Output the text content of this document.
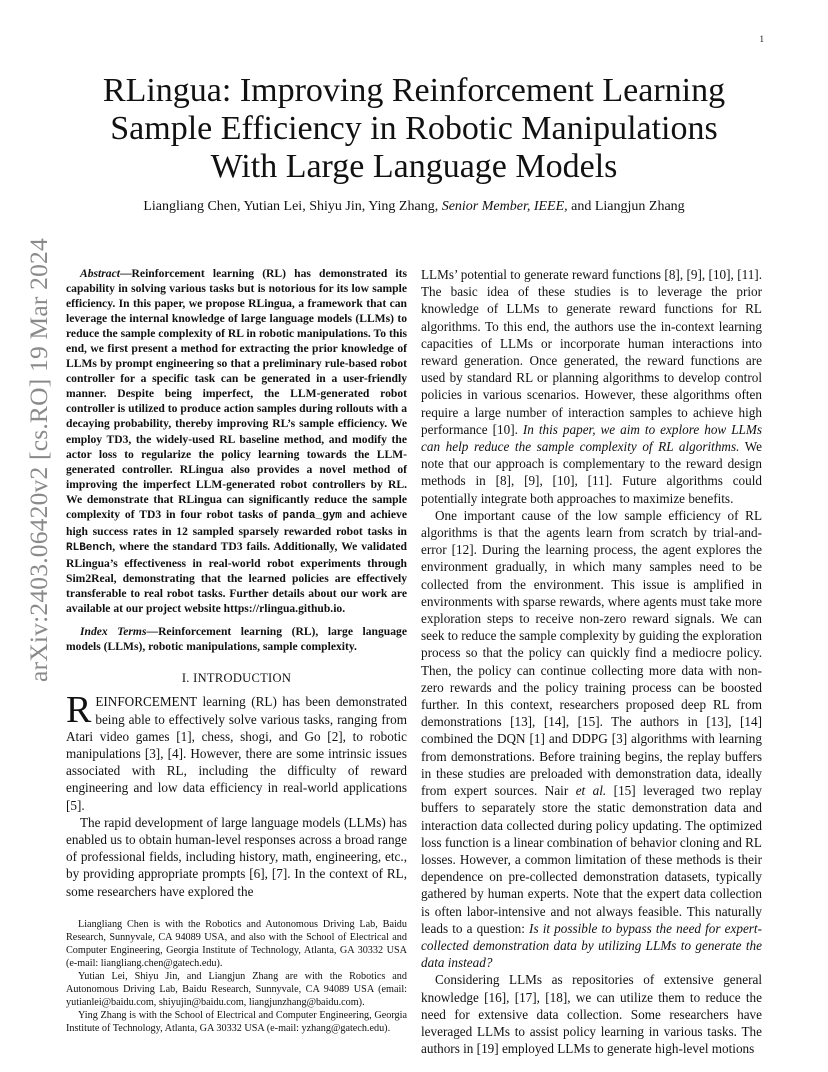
1
arXiv:2403.06420v2 [cs.RO] 19 Mar 2024
RLingua: Improving Reinforcement Learning Sample Efficiency in Robotic Manipulations With Large Language Models
Liangliang Chen, Yutian Lei, Shiyu Jin, Ying Zhang, Senior Member, IEEE, and Liangjun Zhang

Abstract—Reinforcement learning (RL) has demonstrated its capability in solving various tasks but is notorious for its low sample efficiency. In this paper, we propose RLingua, a framework that can leverage the internal knowledge of large language models (LLMs) to reduce the sample complexity of RL in robotic manipulations. To this end, we first present a method for extracting the prior knowledge of LLMs by prompt engineering so that a preliminary rule-based robot controller for a specific task can be generated in a user-friendly manner. Despite being imperfect, the LLM-generated robot controller is utilized to produce action samples during rollouts with a decaying probability, thereby improving RL’s sample efficiency. We employ TD3, the widely-used RL baseline method, and modify the actor loss to regularize the policy learning towards the LLM-generated controller. RLingua also provides a novel method of improving the imperfect LLM-generated robot controllers by RL. We demonstrate that RLingua can significantly reduce the sample complexity of TD3 in four robot tasks of panda_gym and achieve high success rates in 12 sampled sparsely rewarded robot tasks in RLBench, where the standard TD3 fails. Additionally, We validated RLingua’s effectiveness in real-world robot experiments through Sim2Real, demonstrating that the learned policies are effectively transferable to real robot tasks. Further details about our work are available at our project website https://rlingua.github.io.

Index Terms—Reinforcement learning (RL), large language models (LLMs), robotic manipulations, sample complexity.

I. INTRODUCTION

REINFORCEMENT learning (RL) has been demonstrated being able to effectively solve various tasks, ranging from Atari video games [1], chess, shogi, and Go [2], to robotic manipulations [3], [4]. However, there are some intrinsic issues associated with RL, including the difficulty of reward engineering and low data efficiency in real-world applications [5].

The rapid development of large language models (LLMs) has enabled us to obtain human-level responses across a broad range of professional fields, including history, math, engineering, etc., by providing appropriate prompts [6], [7]. In the context of RL, some researchers have explored the

Liangliang Chen is with the Robotics and Autonomous Driving Lab, Baidu Research, Sunnyvale, CA 94089 USA, and also with the School of Electrical and Computer Engineering, Georgia Institute of Technology, Atlanta, GA 30332 USA (e-mail: liangliang.chen@gatech.edu).

Yutian Lei, Shiyu Jin, and Liangjun Zhang are with the Robotics and Autonomous Driving Lab, Baidu Research, Sunnyvale, CA 94089 USA (email: yutianlei@baidu.com, shiyujin@baidu.com, liangjunzhang@baidu.com).

Ying Zhang is with the School of Electrical and Computer Engineering, Georgia Institute of Technology, Atlanta, GA 30332 USA (e-mail: yzhang@gatech.edu).

LLMs’ potential to generate reward functions [8], [9], [10], [11]. The basic idea of these studies is to leverage the prior knowledge of LLMs to generate reward functions for RL algorithms. To this end, the authors use the in-context learning capacities of LLMs or incorporate human interactions into reward generation. Once generated, the reward functions are used by standard RL or planning algorithms to develop control policies in various scenarios. However, these algorithms often require a large number of interaction samples to achieve high performance [10]. In this paper, we aim to explore how LLMs can help reduce the sample complexity of RL algorithms. We note that our approach is complementary to the reward design methods in [8], [9], [10], [11]. Future algorithms could potentially integrate both approaches to maximize benefits.

One important cause of the low sample efficiency of RL algorithms is that the agents learn from scratch by trial-and-error [12]. During the learning process, the agent explores the environment gradually, in which many samples need to be collected from the environment. This issue is amplified in environments with sparse rewards, where agents must take more exploration steps to receive non-zero reward signals. We can seek to reduce the sample complexity by guiding the exploration process so that the policy can quickly find a mediocre policy. Then, the policy can continue collecting more data with non-zero rewards and the policy training process can be boosted further. In this context, researchers proposed deep RL from demonstrations [13], [14], [15]. The authors in [13], [14] combined the DQN [1] and DDPG [3] algorithms with learning from demonstrations. Before training begins, the replay buffers in these studies are preloaded with demonstration data, ideally from expert sources. Nair et al. [15] leveraged two replay buffers to separately store the static demonstration data and interaction data collected during policy updating. The optimized loss function is a linear combination of behavior cloning and RL losses. However, a common limitation of these methods is their dependence on pre-collected demonstration datasets, typically gathered by human experts. Note that the expert data collection is often labor-intensive and not always feasible. This naturally leads to a question: Is it possible to bypass the need for expert-collected demonstration data by utilizing LLMs to generate the data instead?

Considering LLMs as repositories of extensive general knowledge [16], [17], [18], we can utilize them to reduce the need for extensive data collection. Some researchers have leveraged LLMs to assist policy learning in various tasks. The authors in [19] employed LLMs to generate high-level motions
